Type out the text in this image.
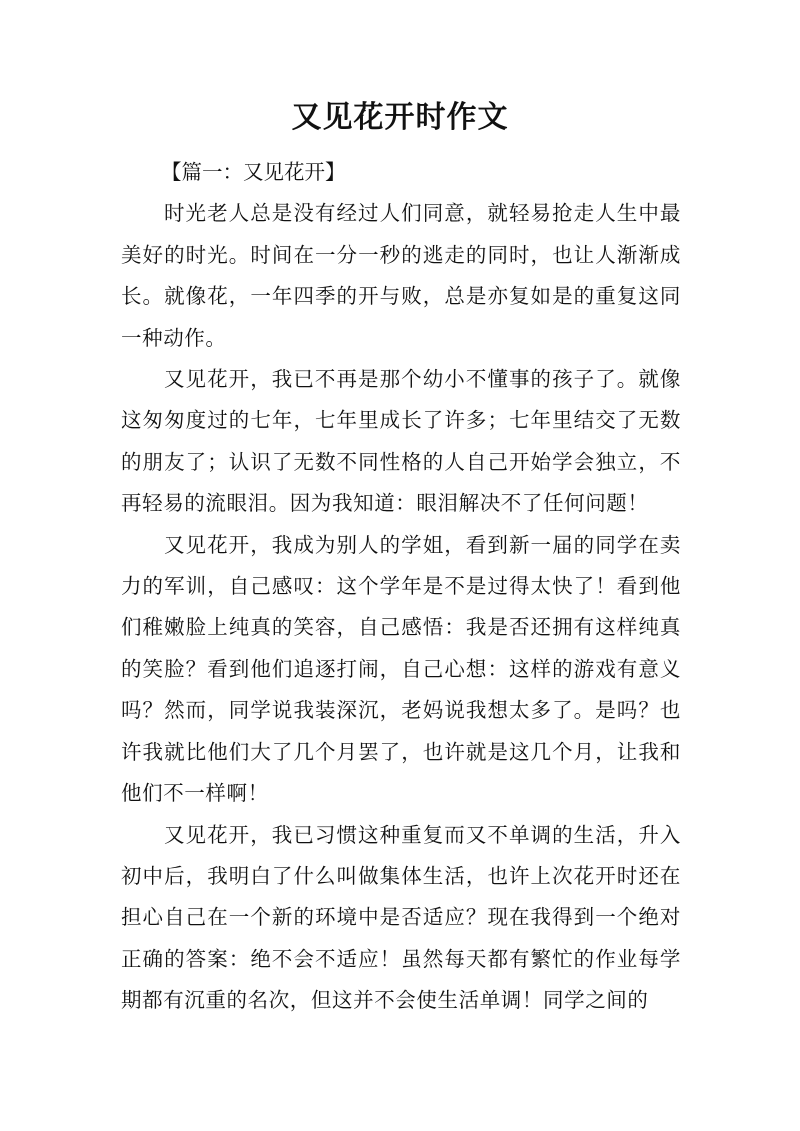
又见花开时作文

【篇一：又见花开】

时光老人总是没有经过人们同意，就轻易抢走人生中最美好的时光。时间在一分一秒的逃走的同时，也让人渐渐成长。就像花，一年四季的开与败，总是亦复如是的重复这同一种动作。

又见花开，我已不再是那个幼小不懂事的孩子了。就像这匆匆度过的七年，七年里成长了许多；七年里结交了无数的朋友了；认识了无数不同性格的人自己开始学会独立，不再轻易的流眼泪。因为我知道：眼泪解决不了任何问题！

又见花开，我成为别人的学姐，看到新一届的同学在卖力的军训，自己感叹：这个学年是不是过得太快了！看到他们稚嫩脸上纯真的笑容，自己感悟：我是否还拥有这样纯真的笑脸？看到他们追逐打闹，自己心想：这样的游戏有意义吗？然而，同学说我装深沉，老妈说我想太多了。是吗？也许我就比他们大了几个月罢了，也许就是这几个月，让我和他们不一样啊！

又见花开，我已习惯这种重复而又不单调的生活，升入初中后，我明白了什么叫做集体生活，也许上次花开时还在担心自己在一个新的环境中是否适应？现在我得到一个绝对正确的答案：绝不会不适应！虽然每天都有繁忙的作业每学期都有沉重的名次，但这并不会使生活单调！同学之间的
